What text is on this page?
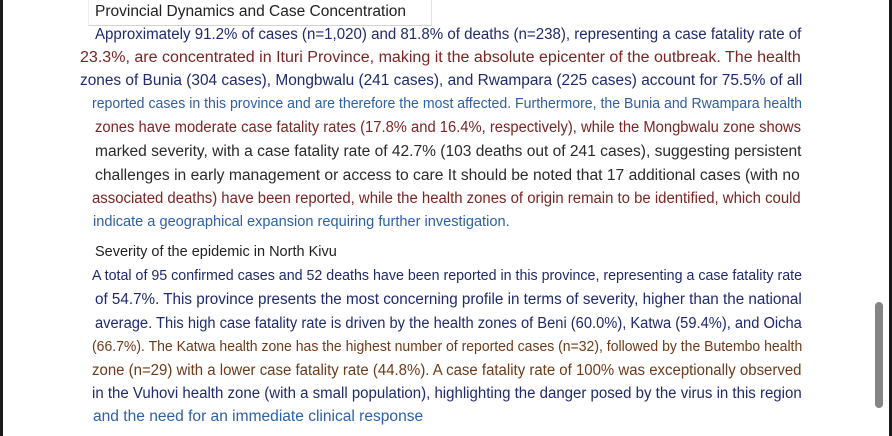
Provincial Dynamics and Case Concentration

Approximately 91.2% of cases (n=1,020) and 81.8% of deaths (n=238), representing a case fatality rate of

23.3%, are concentrated in Ituri Province, making it the absolute epicenter of the outbreak. The health

zones of Bunia (304 cases), Mongbwalu (241 cases), and Rwampara (225 cases) account for 75.5% of all

reported cases in this province and are therefore the most affected. Furthermore, the Bunia and Rwampara health

zones have moderate case fatality rates (17.8% and 16.4%, respectively), while the Mongbwalu zone shows

marked severity, with a case fatality rate of 42.7% (103 deaths out of 241 cases), suggesting persistent

challenges in early management or access to care It should be noted that 17 additional cases (with no

associated deaths) have been reported, while the health zones of origin remain to be identified, which could

indicate a geographical expansion requiring further investigation.

Severity of the epidemic in North Kivu

A total of 95 confirmed cases and 52 deaths have been reported in this province, representing a case fatality rate

of 54.7%. This province presents the most concerning profile in terms of severity, higher than the national

average. This high case fatality rate is driven by the health zones of Beni (60.0%), Katwa (59.4%), and Oicha

(66.7%). The Katwa health zone has the highest number of reported cases (n=32), followed by the Butembo health

zone (n=29) with a lower case fatality rate (44.8%). A case fatality rate of 100% was exceptionally observed

in the Vuhovi health zone (with a small population), highlighting the danger posed by the virus in this region

and the need for an immediate clinical response
